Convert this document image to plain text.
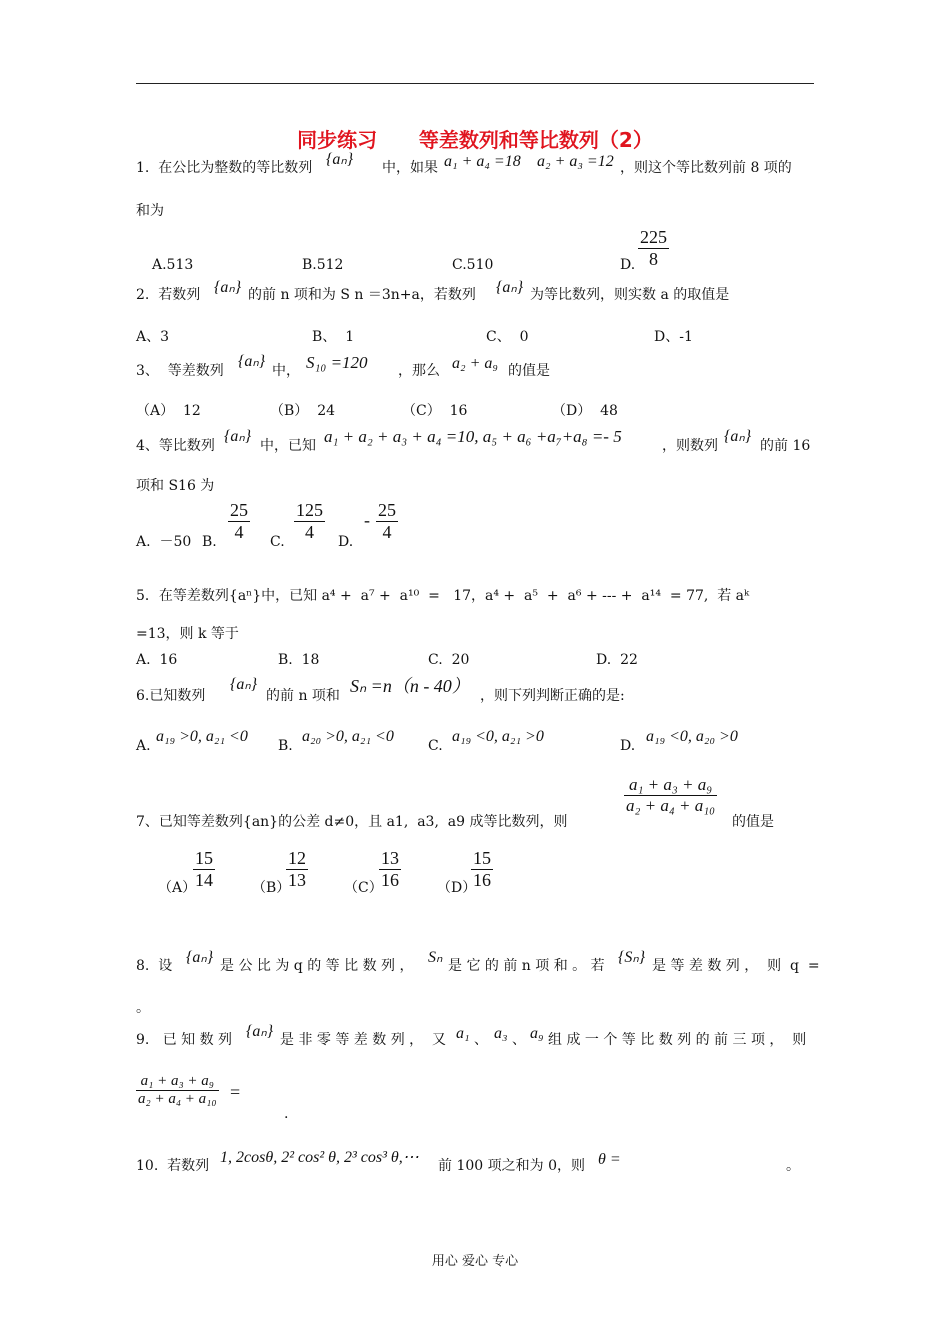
同步练习      等差数列和等比数列（2）
1.  在公比为整数的等比数列 {aₙ} 中，如果 a₁ + a₄ =18 a₂ + a₃ =12 ，则这个等比数列前 8 项的
和为
A.513	B.512	C.510	D. $\frac{225}{8}$
2.  若数列 {aₙ} 的前 n 项和为 S n ＝3n+a，若数列 {aₙ} 为等比数列，则实数 a 的取值是
A、3	B、  1	C、  0	D、-1
3、  等差数列
{aₙ}
中， S₁₀ =120 ，那么 a₂ + a₉ 的值是
（A）  12	（B）  24	（C）  16	（D）  48
4、等比数列
{aₙ}
中，已知 a₁ + a₂ + a₃ + a₄ =10, a₅ + a₆ +a₇+a₈ =- 5	，则数列
{aₙ}
的前 16
项和 S16 为
A.  －50 B. $\frac{25}{4} C$. $\frac{125}{4} D$.
- $\frac{25}{4}$
5．在等差数列{aⁿ}中，已知 a⁴ +  a⁷ +  a¹⁰  =   17，a⁴ +  a⁵  +  a⁶ + --- +  a¹⁴  = 77,  若 aᵏ
=13，则 k 等于
A.  16	B.  18	C.  20	D.  22
6.已知数列
{aₙ}
的前 n 项和 Sₙ =n（n - 40） ，则下列判断正确的是:
A.
a₁₉ >0, a₂₁ <0
B.
a₂₀ >0, a₂₁ <0
C.
a₁₉ <0, a₂₁ >0
D.
a₁₉ <0, a₂₀ >0
7、已知等差数列{an}的公差 d≠0，且 a1,  a3,  a9 成等比数列，则
$\frac{\text{a₁ + a₃ + a₉}}{\text{a₂ + a₄ + a₁₀}}$
的值是
（A）
$\frac{15}{14}$	（B）
$\frac{12}{13}$	（C）
$\frac{13}{16}$	（D）
$\frac{15}{16}$
8.  设 {aₙ} 是 公 比 为 q 的 等 比 数 列 ， Sₙ 是 它 的 前 n 项 和 。 若 {Sₙ} 是 等 差 数 列 ，  则  q  =
。
9.   已 知 数 列 {aₙ} 是 非 零 等 差 数 列 ，  又 a₁ 、 a₃ 、 a₉ 组 成 一 个 等 比 数 列 的 前 三 项 ，  则
$\frac{\text{a₁ + a₃ + a₉}}{\text{a₂ + a₄ + a₁₀}}$ =
.
10.  若数列 1, 2cosθ, 2² cos² θ, 2³ cos³ θ,⋯ 前 100 项之和为 0，则 θ =	。
用心 爱心 专心
